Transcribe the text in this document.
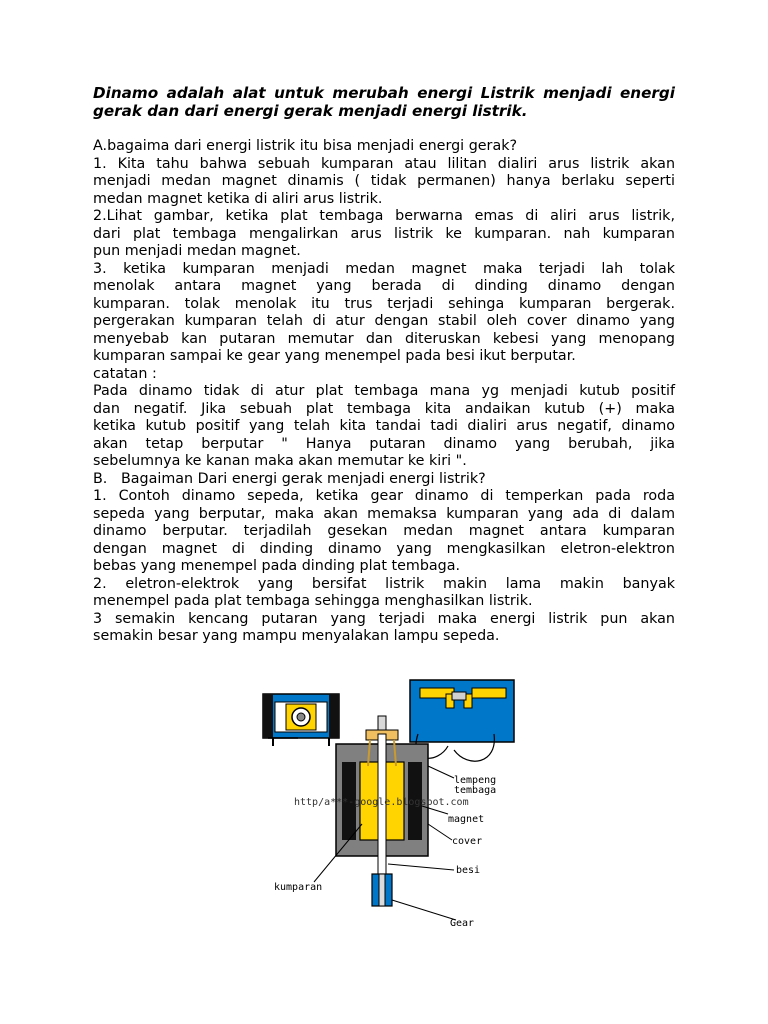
Dinamo adalah alat untuk merubah energi Listrik menjadi energi
gerak dan dari energi gerak menjadi energi listrik.
A.bagaima dari energi listrik itu bisa menjadi energi gerak?
1. Kita tahu bahwa sebuah kumparan atau lilitan dialiri arus listrik akan
menjadi medan magnet dinamis ( tidak permanen) hanya berlaku seperti
medan magnet ketika di aliri arus listrik.
2.Lihat gambar, ketika plat tembaga berwarna emas di aliri arus listrik,
dari plat tembaga mengalirkan arus listrik ke kumparan. nah kumparan
pun menjadi medan magnet.
3. ketika kumparan menjadi medan magnet maka terjadi lah tolak
menolak antara magnet yang berada di dinding dinamo dengan
kumparan. tolak menolak itu trus terjadi sehinga kumparan bergerak.
pergerakan kumparan telah di atur dengan stabil oleh cover dinamo yang
menyebab kan putaran memutar dan diteruskan kebesi yang menopang
kumparan sampai ke gear yang menempel pada besi ikut berputar.
catatan :
Pada dinamo tidak di atur plat tembaga mana yg menjadi kutub positif
dan negatif. Jika sebuah plat tembaga kita andaikan kutub (+) maka
ketika kutub positif yang telah kita tandai tadi dialiri arus negatif, dinamo
akan tetap berputar " Hanya putaran dinamo yang berubah, jika
sebelumnya ke kanan maka akan memutar ke kiri ".
B.   Bagaiman Dari energi gerak menjadi energi listrik?
1. Contoh dinamo sepeda, ketika gear dinamo di temperkan pada roda
sepeda yang berputar, maka akan memaksa kumparan yang ada di dalam
dinamo berputar. terjadilah gesekan medan magnet antara kumparan
dengan magnet di dinding dinamo yang mengkasilkan eletron-elektron
bebas yang menempel pada dinding plat tembaga.
2. eletron-elektrok yang bersifat listrik makin lama makin banyak
menempel pada plat tembaga sehingga menghasilkan listrik.
3 semakin kencang putaran yang terjadi maka energi listrik pun akan
semakin besar yang mampu menyalakan lampu sepeda.
lempeng
tembaga
http/a***-google.blogspot.com
magnet
cover
besi
kumparan
Gear
